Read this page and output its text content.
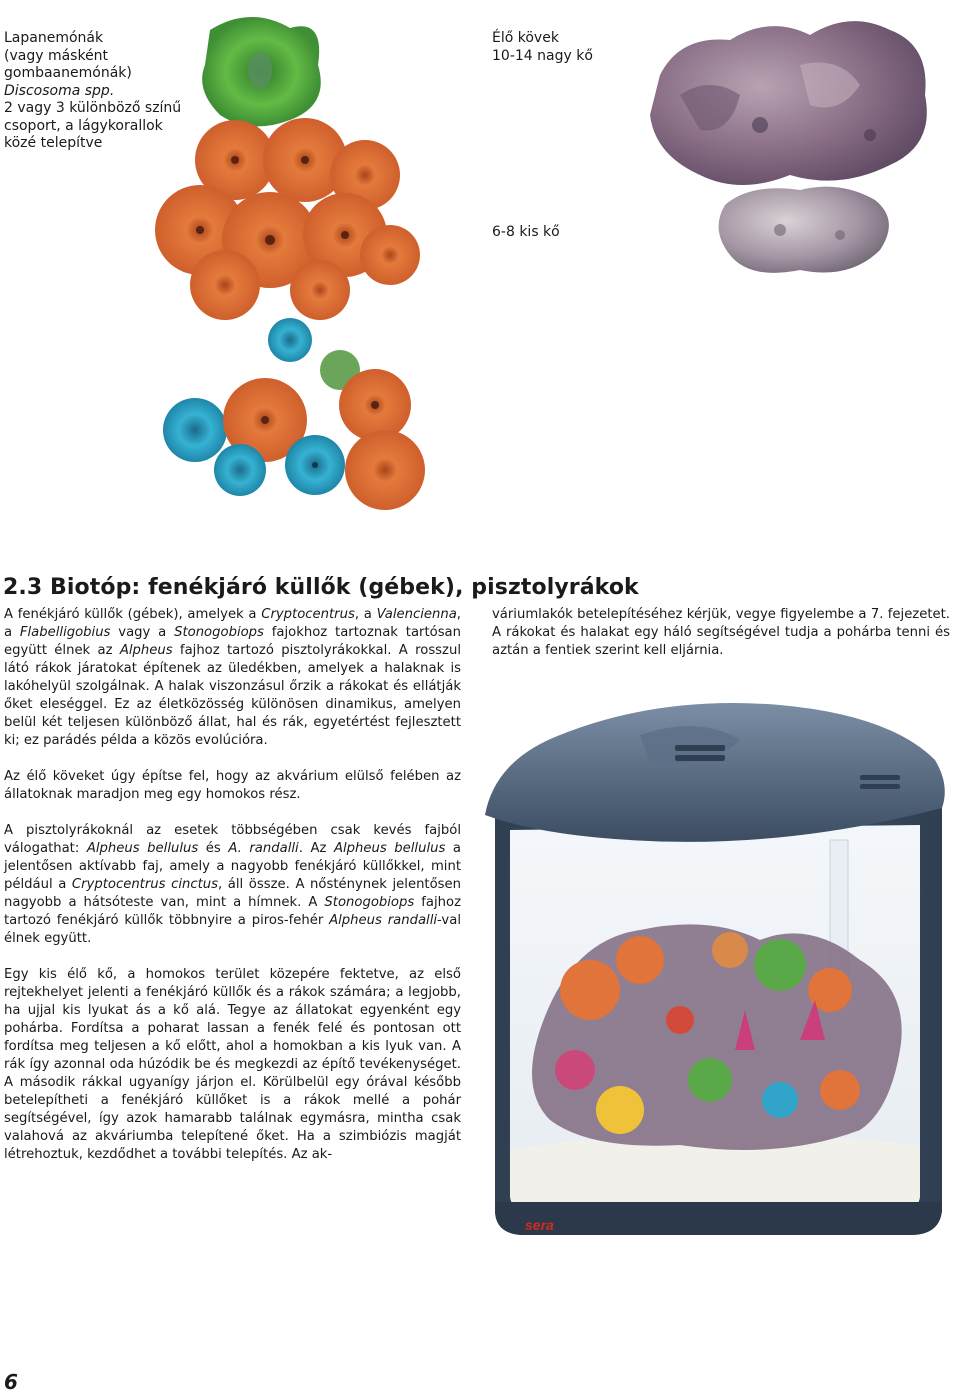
Lapanemónák
(vagy másként
gombaanemónák)
Discosoma spp.
2 vagy 3 különböző színű
csoport, a lágykorallok
közé telepítve
Élő kövek
10-14 nagy kő
6-8 kis kő
2.3 Biotóp: fenékjáró küllők (gébek), pisztolyrákok

A fenékjáró küllők (gébek), amelyek a Cryptocentrus, a Valenciennа, a Flabelligobius vagy a Stonogobiops fajokhoz tartoznak tartósan együtt élnek az Alpheus fajhoz tartozó pisztolyrákokkal. A rosszul látó rákok járatokat építenek az üledékben, amelyek a halaknak is lakóhelyül szolgálnak. A halak viszonzásul őrzik a rákokat és ellátják őket eleséggel. Ez az életközösség különösen dinamikus, amelyen belül két teljesen különböző állat, hal és rák, egyetértést fejlesztett ki; ez parádés példa a közös evolúcióra.

Az élő köveket úgy építse fel, hogy az akvárium elülső felében az állatoknak maradjon meg egy homokos rész.

A pisztolyrákoknál az esetek többségében csak kevés fajból válogathat: Alpheus bellulus és A. randalli. Az Alpheus bellulus a jelentősen aktívabb faj, amely a nagyobb fenékjáró küllőkkel, mint például a Cryptocentrus cinctus, áll össze. A nősténynek jelentősen nagyobb a hátsóteste van, mint a hímnek. A Stonogobiops fajhoz tartozó fenékjáró küllők többnyire a piros-fehér Alpheus randalli-val élnek együtt.

Egy kis élő kő, a homokos terület közepére fektetve, az első rejtekhelyet jelenti a fenékjáró küllők és a rákok számára; a legjobb, ha ujjal kis lyukat ás a kő alá. Tegye az állatokat egyenként egy pohárba. Fordítsa a poharat lassan a fenék felé és pontosan ott fordítsa meg teljesen a kő előtt, ahol a homokban a kis lyuk van. A rák így azonnal oda húzódik be és megkezdi az építő tevékenységet. A második rákkal ugyanígy járjon el. Körülbelül egy órával később betelepítheti a fenékjáró küllőket is a rákok mellé a pohár segítségével, így azok hamarabb találnak egymásra, mintha csak valahová az akváriumba telepítené őket. Ha a szimbiózis magját létrehoztuk, kezdődhet a további telepítés. Az ak-

váriumlakók betelepítéséhez kérjük, vegye figyelembe a 7. fejezetet. A rákokat és halakat egy háló segítségével tudja a pohárba tenni és aztán a fentiek szerint kell eljárnia.

sera
6
